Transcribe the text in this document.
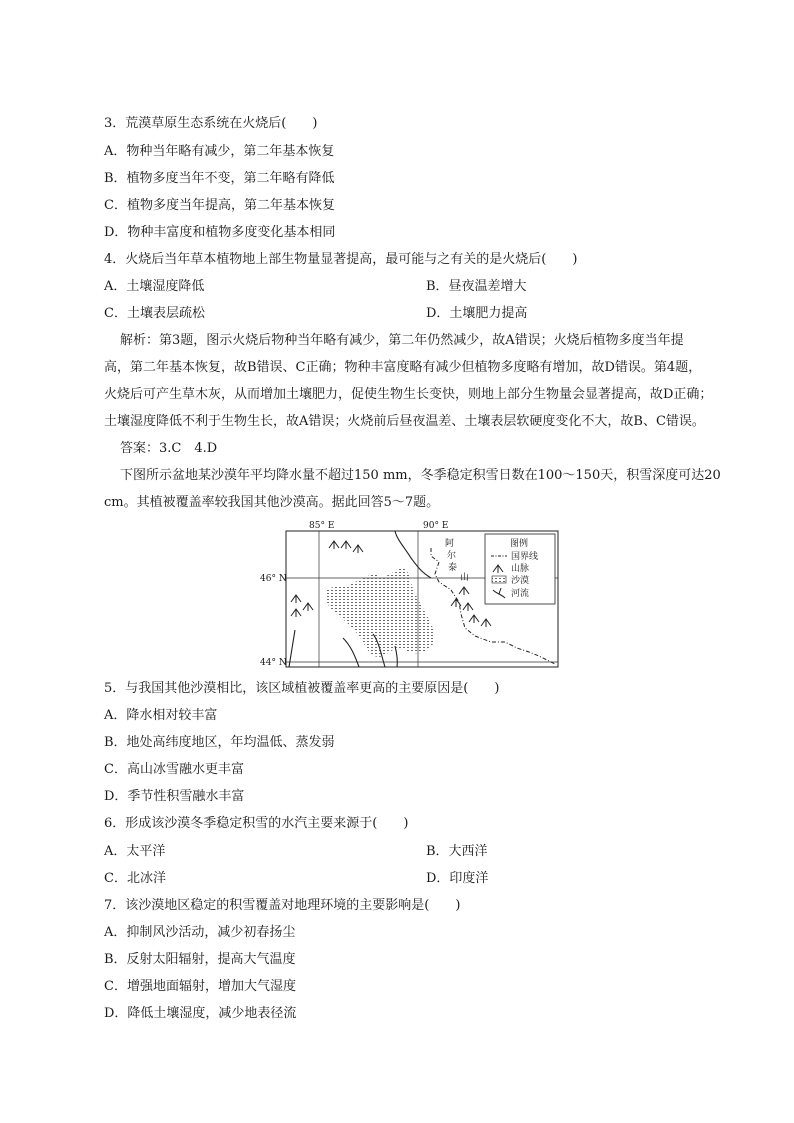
3．荒漠草原生态系统在火烧后(　　)
A．物种当年略有减少，第二年基本恢复
B．植物多度当年不变，第二年略有降低
C．植物多度当年提高，第二年基本恢复
D．物种丰富度和植物多度变化基本相同
4．火烧后当年草本植物地上部生物量显著提高，最可能与之有关的是火烧后(　　)
A．土壤湿度降低	B．昼夜温差增大
C．土壤表层疏松	D．土壤肥力提高
解析：第3题，图示火烧后物种当年略有减少，第二年仍然减少，故A错误；火烧后植物多度当年提
高，第二年基本恢复，故B错误、C正确；物种丰富度略有减少但植物多度略有增加，故D错误。第4题，
火烧后可产生草木灰，从而增加土壤肥力，促使生物生长变快，则地上部分生物量会显著提高，故D正确；
土壤湿度降低不利于生物生长，故A错误；火烧前后昼夜温差、土壤表层软硬度变化不大，故B、C错误。
答案：3.C　4.D
下图所示盆地某沙漠年平均降水量不超过150 mm，冬季稳定积雪日数在100～150天，积雪深度可达20
cm。其植被覆盖率较我国其他沙漠高。据此回答5～7题。
85° E	90° E
46° N
44° N
阿
尔
泰
山
图例
国界线
山脉
沙漠
河流
5．与我国其他沙漠相比，该区域植被覆盖率更高的主要原因是(　　)
A．降水相对较丰富
B．地处高纬度地区，年均温低、蒸发弱
C．高山冰雪融水更丰富
D．季节性积雪融水丰富
6．形成该沙漠冬季稳定积雪的水汽主要来源于(　　)
A．太平洋	B．大西洋
C．北冰洋	D．印度洋
7．该沙漠地区稳定的积雪覆盖对地理环境的主要影响是(　　)
A．抑制风沙活动，减少初春扬尘
B．反射太阳辐射，提高大气温度
C．增强地面辐射，增加大气湿度
D．降低土壤湿度，减少地表径流
